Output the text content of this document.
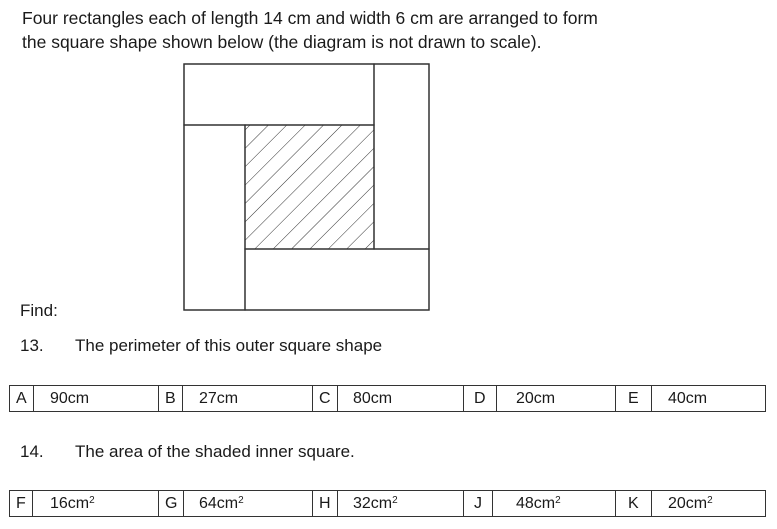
Four rectangles each of length 14 cm and width 6 cm are arranged to form
the square shape shown below (the diagram is not drawn to scale).

Find:
13. The perimeter of this outer square shape
A	90cm	B	27cm	C	80cm	D	20cm	E	40cm
14. The area of the shaded inner square.
F	$16cm^2$	G	$64cm^2$	H	$32cm^2$	J	$48cm^2$	K	$20cm^2$
